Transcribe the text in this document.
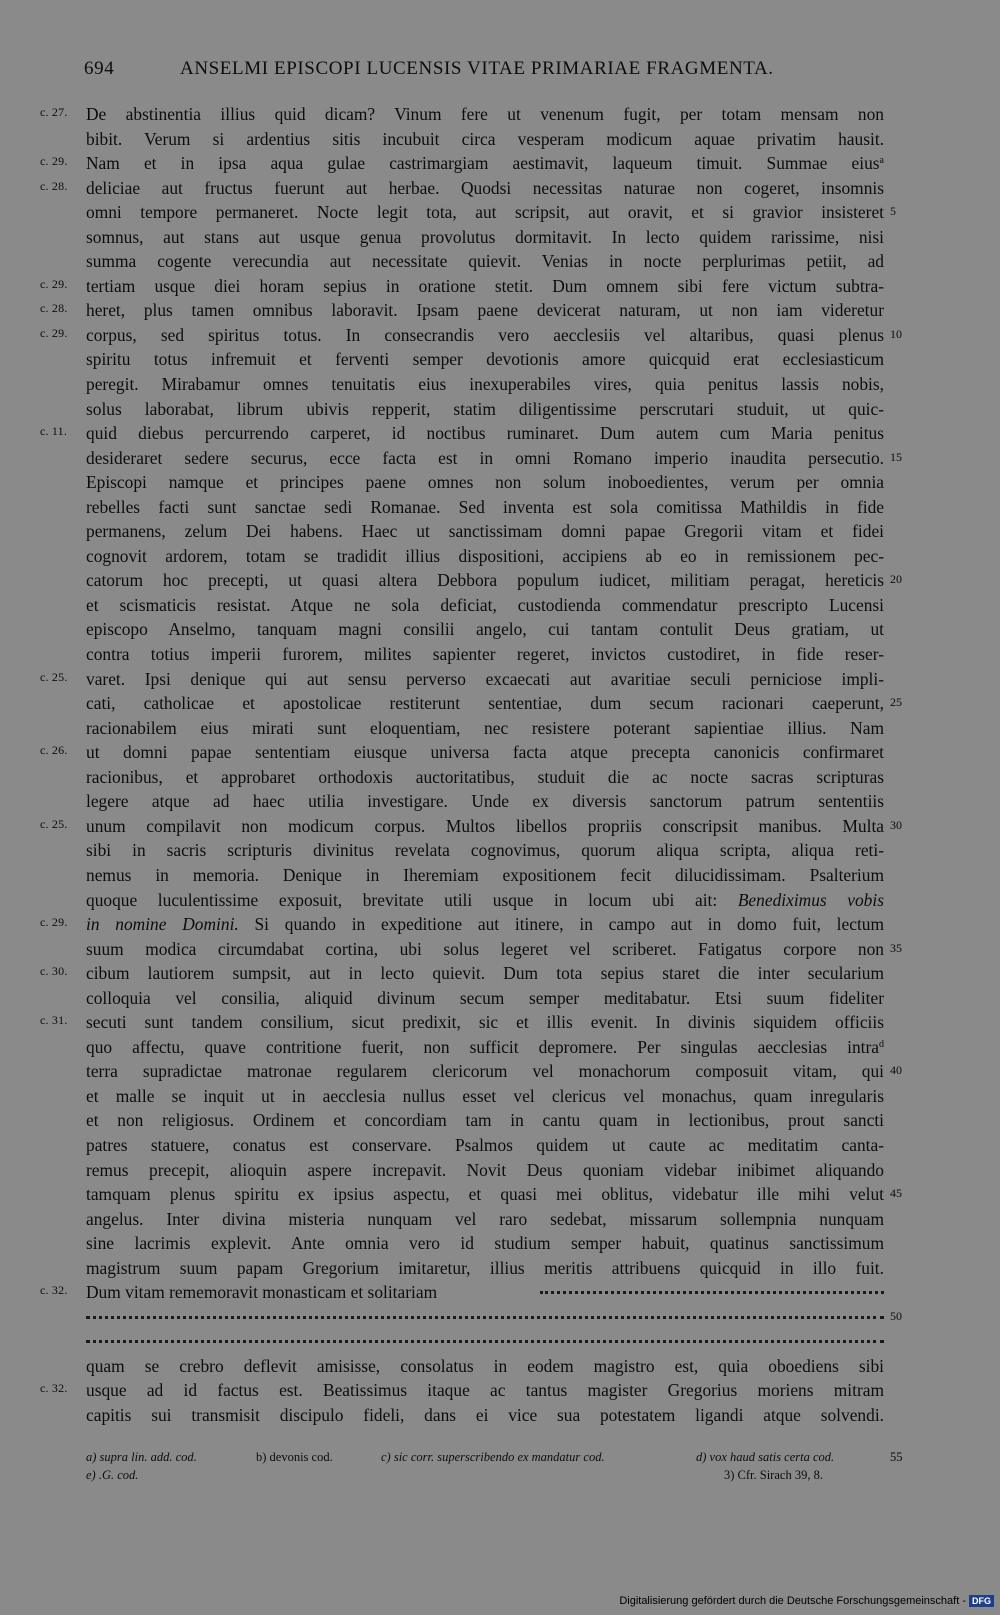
694	ANSELMI EPISCOPI LUCENSIS VITAE PRIMARIAE FRAGMENTA.
c. 27.	De abstinentia illius quid dicam? Vinum fere ut venenum fugit, per totam mensam non
bibit. Verum si ardentius sitis incubuit circa vesperam modicum aquae privatim hausit.
c. 29.	Nam et in ipsa aqua gulae castrimargiam aestimavit, laqueum timuit. Summae eius$^a$
c. 28.	deliciae aut fructus fuerunt aut herbae. Quodsi necessitas naturae non cogeret, insomnis
omni tempore permaneret. Nocte legit tota, aut scripsit, aut oravit, et si gravior insisteret 5
somnus, aut stans aut usque genua provolutus dormitavit. In lecto quidem rarissime, nisi
summa cogente verecundia aut necessitate quievit. Venias in nocte perplurimas petiit, ad
c. 29.	tertiam usque diei horam sepius in oratione stetit. Dum omnem sibi fere victum subtra-
c. 28.	heret, plus tamen omnibus laboravit. Ipsam paene devicerat naturam, ut non iam videretur
c. 29.	corpus, sed spiritus totus. In consecrandis vero aecclesiis vel altaribus, quasi plenus 10
spiritu totus infremuit et ferventi semper devotionis amore quicquid erat ecclesiasticum
peregit. Mirabamur omnes tenuitatis eius inexuperabiles vires, quia penitus lassis nobis,
solus laborabat, librum ubivis repperit, statim diligentissime perscrutari studuit, ut quic-
c. 11.	quid diebus percurrendo carperet, id noctibus ruminaret. Dum autem cum Maria penitus
desideraret sedere securus, ecce facta est in omni Romano imperio inaudita persecutio. 15
Episcopi namque et principes paene omnes non solum inoboedientes, verum per omnia
rebelles facti sunt sanctae sedi Romanae. Sed inventa est sola comitissa Mathildis in fide
permanens, zelum Dei habens. Haec ut sanctissimam domni papae Gregorii vitam et fidei
cognovit ardorem, totam se tradidit illius dispositioni, accipiens ab eo in remissionem pec-
catorum hoc precepti, ut quasi altera Debbora populum iudicet, militiam peragat, hereticis 20
et scismaticis resistat. Atque ne sola deficiat, custodienda commendatur prescripto Lucensi
episcopo Anselmo, tanquam magni consilii angelo, cui tantam contulit Deus gratiam, ut
contra totius imperii furorem, milites sapienter regeret, invictos custodiret, in fide reser-
c. 25.	varet. Ipsi denique qui aut sensu perverso excaecati aut avaritiae seculi perniciose impli-
cati, catholicae et apostolicae restiterunt sententiae, dum secum racionari caeperunt, 25
racionabilem eius mirati sunt eloquentiam, nec resistere poterant sapientiae illius. Nam
c. 26.	ut domni papae sententiam eiusque universa facta atque precepta canonicis confirmaret
racionibus, et approbaret orthodoxis auctoritatibus, studuit die ac nocte sacras scripturas
legere atque ad haec utilia investigare. Unde ex diversis sanctorum patrum sententiis
c. 25.	unum compilavit non modicum corpus. Multos libellos propriis conscripsit manibus. Multa 30
sibi in sacris scripturis divinitus revelata cognovimus, quorum aliqua scripta, aliqua reti-
nemus in memoria. Denique in Iheremiam expositionem fecit dilucidissimam. Psalterium
quoque luculentissime exposuit, brevitate utili usque in locum ubi ait: Benediximus vobis
c. 29.	in nomine Domini. Si quando in expeditione aut itinere, in campo aut in domo fuit, lectum
suum modica circumdabat cortina, ubi solus legeret vel scriberet. Fatigatus corpore non 35
c. 30.	cibum lautiorem sumpsit, aut in lecto quievit. Dum tota sepius staret die inter secularium
colloquia vel consilia, aliquid divinum secum semper meditabatur. Etsi suum fideliter
c. 31.	secuti sunt tandem consilium, sicut predixit, sic et illis evenit. In divinis siquidem officiis
quo affectu, quave contritione fuerit, non sufficit depromere. Per singulas aecclesias intra$^d$
terra supradictae matronae regularem clericorum vel monachorum composuit vitam, qui 40
et malle se inquit ut in aecclesia nullus esset vel clericus vel monachus, quam inregularis
et non religiosus. Ordinem et concordiam tam in cantu quam in lectionibus, prout sancti
patres statuere, conatus est conservare. Psalmos quidem ut caute ac meditatim canta-
remus precepit, alioquin aspere increpavit. Novit Deus quoniam videbar inibimet aliquando
tamquam plenus spiritu ex ipsius aspectu, et quasi mei oblitus, videbatur ille mihi velut 45
angelus. Inter divina misteria nunquam vel raro sedebat, missarum sollempnia nunquam
sine lacrimis explevit. Ante omnia vero id studium semper habuit, quatinus sanctissimum
magistrum suum papam Gregorium imitaretur, illius meritis attribuens quicquid in illo fuit.
c. 32.	Dum vitam rememoravit monasticam et solitariam
50
quam se crebro deflevit amisisse, consolatus in eodem magistro est, quia oboediens sibi
c. 32.	usque ad id factus est. Beatissimus itaque ac tantus magister Gregorius moriens mitram
capitis sui transmisit discipulo fideli, dans ei vice sua potestatem ligandi atque solvendi.
a) supra lin. add. cod.	b) devonis cod.	c) sic corr. superscribendo ex mandatur cod.	d) vox haud satis certa cod.	55
e) .G. cod.	3) Cfr. Sirach 39, 8.
Digitalisierung gefördert durch die Deutsche Forschungsgemeinschaft - DFG
